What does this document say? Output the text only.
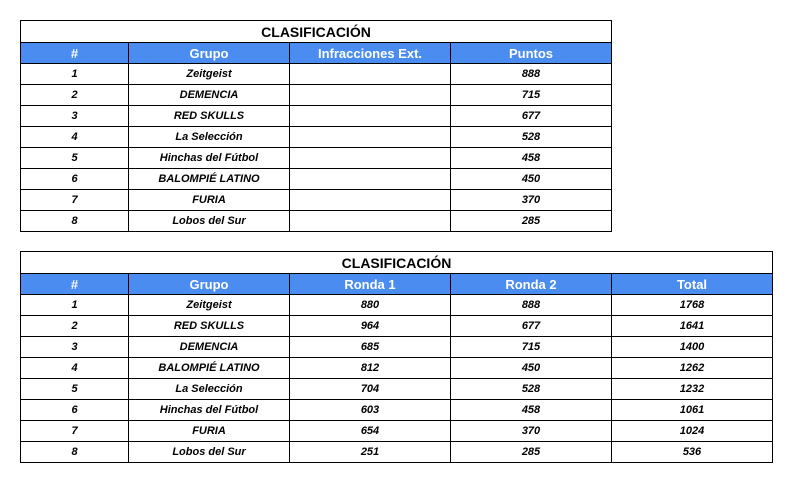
CLASIFICACIÓN			
#	Grupo	Infracciones Ext.	Puntos
1	Zeitgeist		888
2	DEMENCIA		715
3	RED SKULLS		677
4	La Selección		528
5	Hinchas del Fútbol		458
6	BALOMPIÉ LATINO		450
7	FURIA		370
8	Lobos del Sur		285
CLASIFICACIÓN				
#	Grupo	Ronda 1	Ronda 2	Total
1	Zeitgeist	880	888	1768
2	RED SKULLS	964	677	1641
3	DEMENCIA	685	715	1400
4	BALOMPIÉ LATINO	812	450	1262
5	La Selección	704	528	1232
6	Hinchas del Fútbol	603	458	1061
7	FURIA	654	370	1024
8	Lobos del Sur	251	285	536
